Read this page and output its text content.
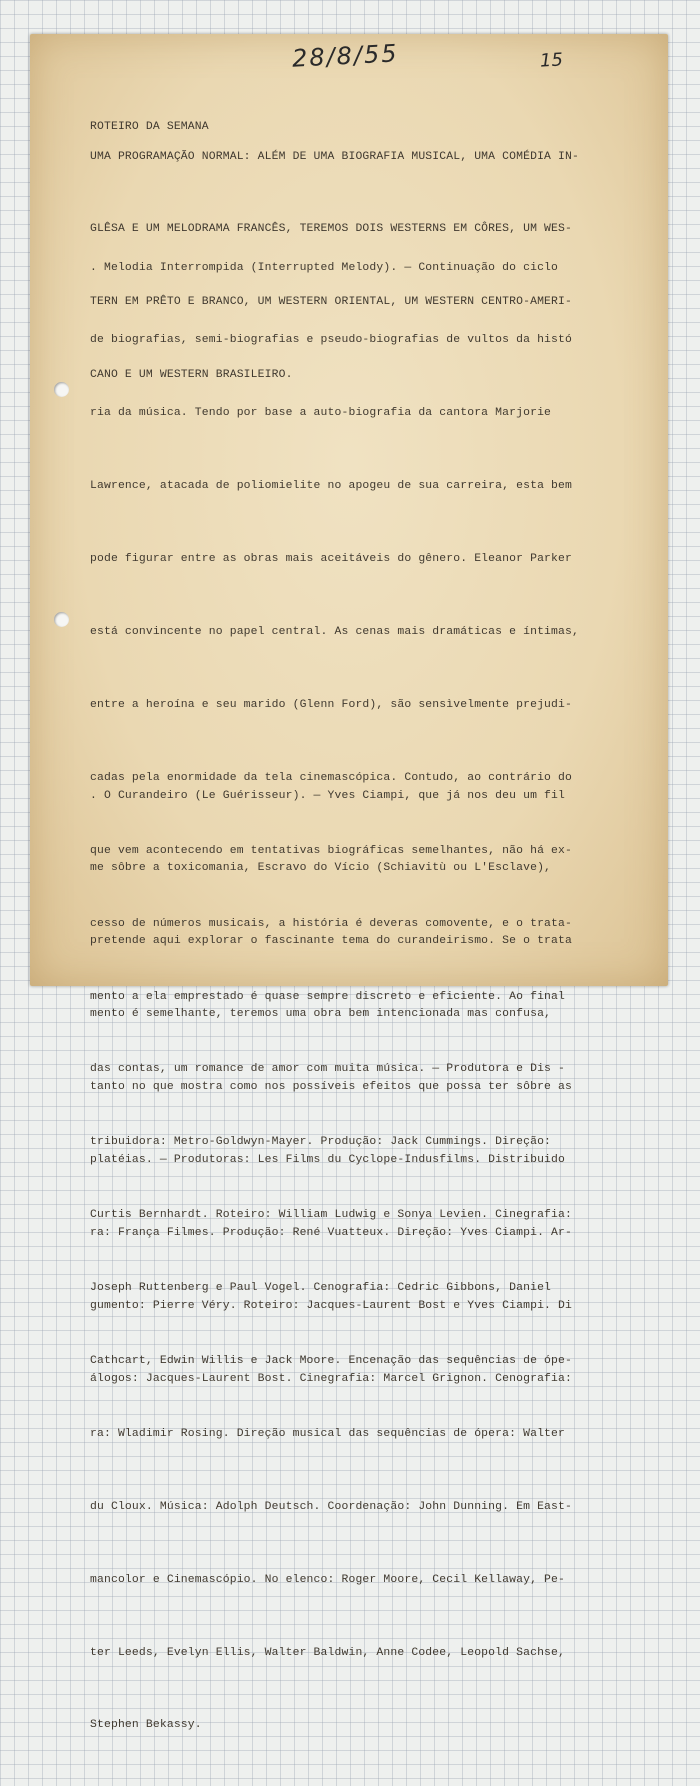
28/8/55	15

ROTEIRO DA SEMANA

UMA PROGRAMAÇÃO NORMAL: ALÉM DE UMA BIOGRAFIA MUSICAL, UMA COMÉDIA IN-

GLÊSA E UM MELODRAMA FRANCÊS, TEREMOS DOIS WESTERNS EM CÔRES, UM WES-

TERN EM PRÊTO E BRANCO, UM WESTERN ORIENTAL, UM WESTERN CENTRO-AMERI-

CANO E UM WESTERN BRASILEIRO.

. Melodia Interrompida (Interrupted Melody). — Continuação do ciclo

de biografias, semi-biografias e pseudo-biografias de vultos da histó

ria da música. Tendo por base a auto-biografia da cantora Marjorie

Lawrence, atacada de poliomielite no apogeu de sua carreira, esta bem

pode figurar entre as obras mais aceitáveis do gênero. Eleanor Parker

está convincente no papel central. As cenas mais dramáticas e íntimas,

entre a heroína e seu marido (Glenn Ford), são sensìvelmente prejudi-

cadas pela enormidade da tela cinemascópica. Contudo, ao contrário do

que vem acontecendo em tentativas biográficas semelhantes, não há ex-

cesso de números musicais, a história é deveras comovente, e o trata-

mento a ela emprestado é quase sempre discreto e eficiente. Ao final

das contas, um romance de amor com muita música. — Produtora e Dis -

tribuidora: Metro-Goldwyn-Mayer. Produção: Jack Cummings. Direção:

Curtis Bernhardt. Roteiro: William Ludwig e Sonya Levien. Cinegrafia:

Joseph Ruttenberg e Paul Vogel. Cenografia: Cedric Gibbons, Daniel

Cathcart, Edwin Willis e Jack Moore. Encenação das sequências de ópe-

ra: Wladimir Rosing. Direção musical das sequências de ópera: Walter

du Cloux. Música: Adolph Deutsch. Coordenação: John Dunning. Em East-

mancolor e Cinemascópio. No elenco: Roger Moore, Cecil Kellaway, Pe-

ter Leeds, Evelyn Ellis, Walter Baldwin, Anne Codee, Leopold Sachse,

Stephen Bekassy.

. O Curandeiro (Le Guérisseur). — Yves Ciampi, que já nos deu um fil

me sôbre a toxicomania, Escravo do Vício (Schiavitù ou L'Esclave),

pretende aqui explorar o fascinante tema do curandeirismo. Se o trata

mento é semelhante, teremos uma obra bem intencionada mas confusa,

tanto no que mostra como nos possíveis efeitos que possa ter sôbre as

platéias. — Produtoras: Les Films du Cyclope-Indusfilms. Distribuido

ra: França Filmes. Produção: René Vuatteux. Direção: Yves Ciampi. Ar-

gumento: Pierre Véry. Roteiro: Jacques-Laurent Bost e Yves Ciampi. Di

álogos: Jacques-Laurent Bost. Cinegrafia: Marcel Grignon. Cenografia:
